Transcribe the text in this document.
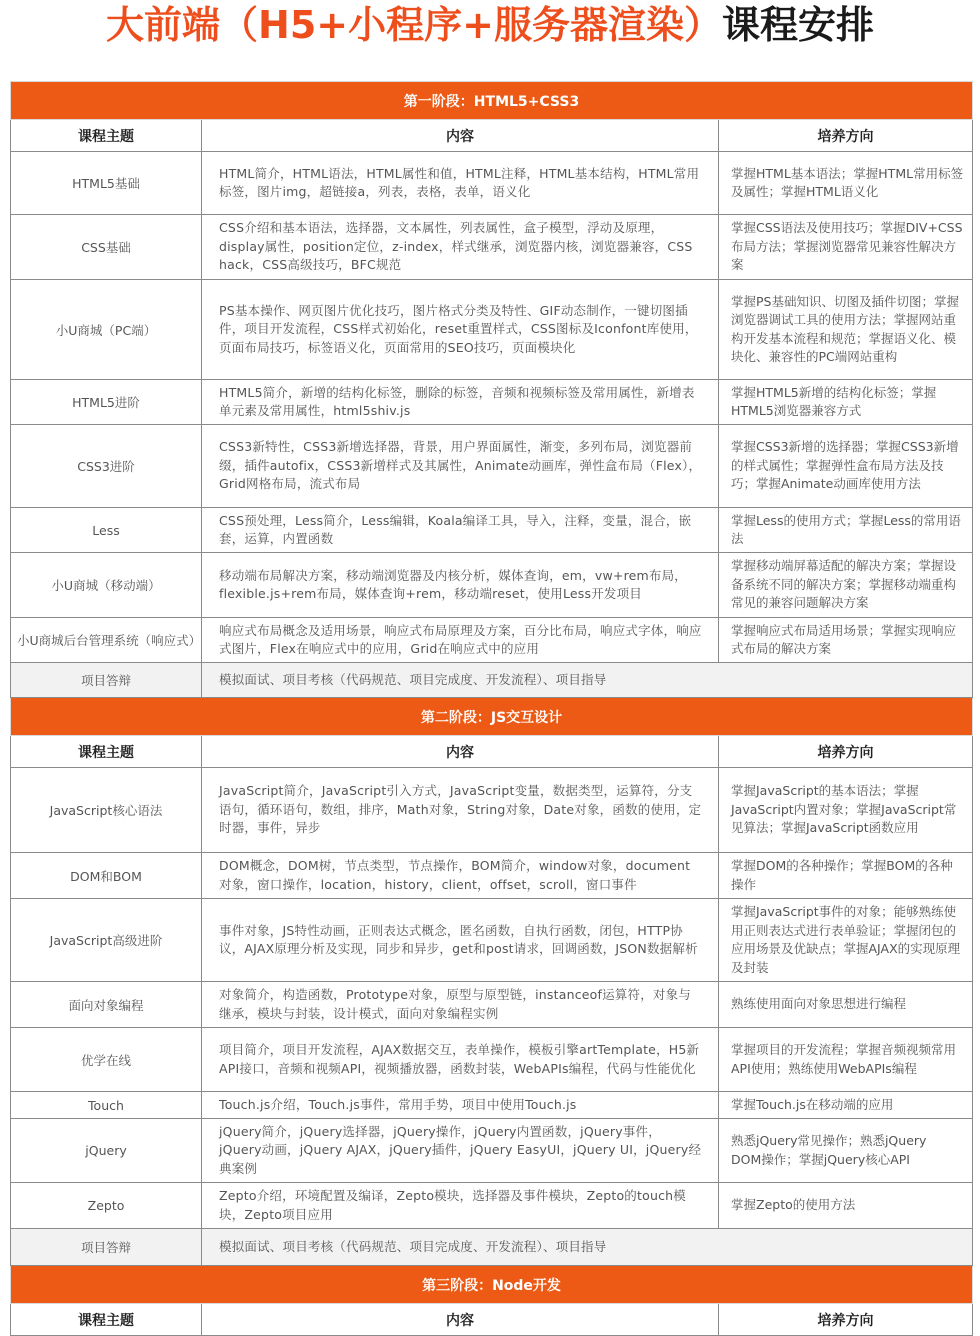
大前端（H5+小程序+服务器渲染）课程安排
第一阶段：HTML5+CSS3		
课程主题	内容	培养方向
HTML5基础	HTML简介，HTML语法，HTML属性和值，HTML注释，HTML基本结构，HTML常用标签，图片img，超链接a，列表，表格，表单，语义化	掌握HTML基本语法；掌握HTML常用标签及属性；掌握HTML语义化
CSS基础	CSS介绍和基本语法，选择器，文本属性，列表属性，盒子模型，浮动及原理，display属性，position定位，z-index，样式继承，浏览器内核，浏览器兼容，CSS　hack，CSS高级技巧，BFC规范	掌握CSS语法及使用技巧；掌握DIV+CSS布局方法；掌握浏览器常见兼容性解决方案
小U商城（PC端）	PS基本操作、网页图片优化技巧，图片格式分类及特性、GIF动态制作，一键切图插件，项目开发流程，CSS样式初始化，reset重置样式，CSS图标及Iconfont库使用，页面布局技巧，标签语义化，页面常用的SEO技巧，页面模块化	掌握PS基础知识、切图及插件切图；掌握浏览器调试工具的使用方法；掌握网站重构开发基本流程和规范；掌握语义化、模块化、兼容性的PC端网站重构
HTML5进阶	HTML5简介，新增的结构化标签，删除的标签，音频和视频标签及常用属性，新增表单元素及常用属性，html5shiv.js	掌握HTML5新增的结构化标签；掌握HTML5浏览器兼容方式
CSS3进阶	CSS3新特性，CSS3新增选择器，背景，用户界面属性，渐变，多列布局，浏览器前缀，插件autofix，CSS3新增样式及其属性，Animate动画库，弹性盒布局（Flex），Grid网格布局，流式布局	掌握CSS3新增的选择器；掌握CSS3新增的样式属性；掌握弹性盒布局方法及技巧；掌握Animate动画库使用方法
Less	CSS预处理，Less简介，Less编辑，Koala编译工具，导入，注释，变量，混合，嵌套，运算，内置函数	掌握Less的使用方式；掌握Less的常用语法
小U商城（移动端）	移动端布局解决方案，移动端浏览器及内核分析，媒体查询，em，vw+rem布局，flexible.js+rem布局，媒体查询+rem，移动端reset，使用Less开发项目	掌握移动端屏幕适配的解决方案；掌握设备系统不同的解决方案；掌握移动端重构常见的兼容问题解决方案
小U商城后台管理系统（响应式）	响应式布局概念及适用场景，响应式布局原理及方案，百分比布局，响应式字体，响应式图片，Flex在响应式中的应用，Grid在响应式中的应用	掌握响应式布局适用场景；掌握实现响应式布局的解决方案
项目答辩	模拟面试、项目考核（代码规范、项目完成度、开发流程）、项目指导	
第二阶段：JS交互设计		
课程主题	内容	培养方向
JavaScript核心语法	JavaScript简介，JavaScript引入方式，JavaScript变量，数据类型，运算符，分支语句，循环语句，数组，排序，Math对象，String对象，Date对象，函数的使用，定时器，事件，异步	掌握JavaScript的基本语法；掌握JavaScript内置对象；掌握JavaScript常见算法；掌握JavaScript函数应用
DOM和BOM	DOM概念，DOM树，节点类型，节点操作，BOM简介，window对象，document对象，窗口操作，location，history，client，offset，scroll，窗口事件	掌握DOM的各种操作；掌握BOM的各种操作
JavaScript高级进阶	事件对象，JS特性动画，正则表达式概念，匿名函数，自执行函数，闭包，HTTP协议，AJAX原理分析及实现，同步和异步，get和post请求，回调函数，JSON数据解析	掌握JavaScript事件的对象；能够熟练使用正则表达式进行表单验证；掌握闭包的应用场景及优缺点；掌握AJAX的实现原理及封装
面向对象编程	对象简介，构造函数，Prototype对象，原型与原型链，instanceof运算符，对象与继承，模块与封装，设计模式，面向对象编程实例	熟练使用面向对象思想进行编程
优学在线	项目简介，项目开发流程，AJAX数据交互，表单操作，模板引擎artTemplate，H5新API接口，音频和视频API，视频播放器，函数封装，WebAPIs编程，代码与性能优化	掌握项目的开发流程；掌握音频视频常用API使用；熟练使用WebAPIs编程
Touch	Touch.js介绍，Touch.js事件，常用手势，项目中使用Touch.js	掌握Touch.js在移动端的应用
jQuery	jQuery简介，jQuery选择器，jQuery操作，jQuery内置函数，jQuery事件，jQuery动画，jQuery AJAX，jQuery插件，jQuery EasyUI，jQuery UI，jQuery经典案例	熟悉jQuery常见操作；熟悉jQuery　DOM操作；掌握jQuery核心API
Zepto	Zepto介绍，环境配置及编译，Zepto模块，选择器及事件模块，Zepto的touch模块，Zepto项目应用	掌握Zepto的使用方法
项目答辩	模拟面试、项目考核（代码规范、项目完成度、开发流程）、项目指导	
第三阶段：Node开发		
课程主题	内容	培养方向
